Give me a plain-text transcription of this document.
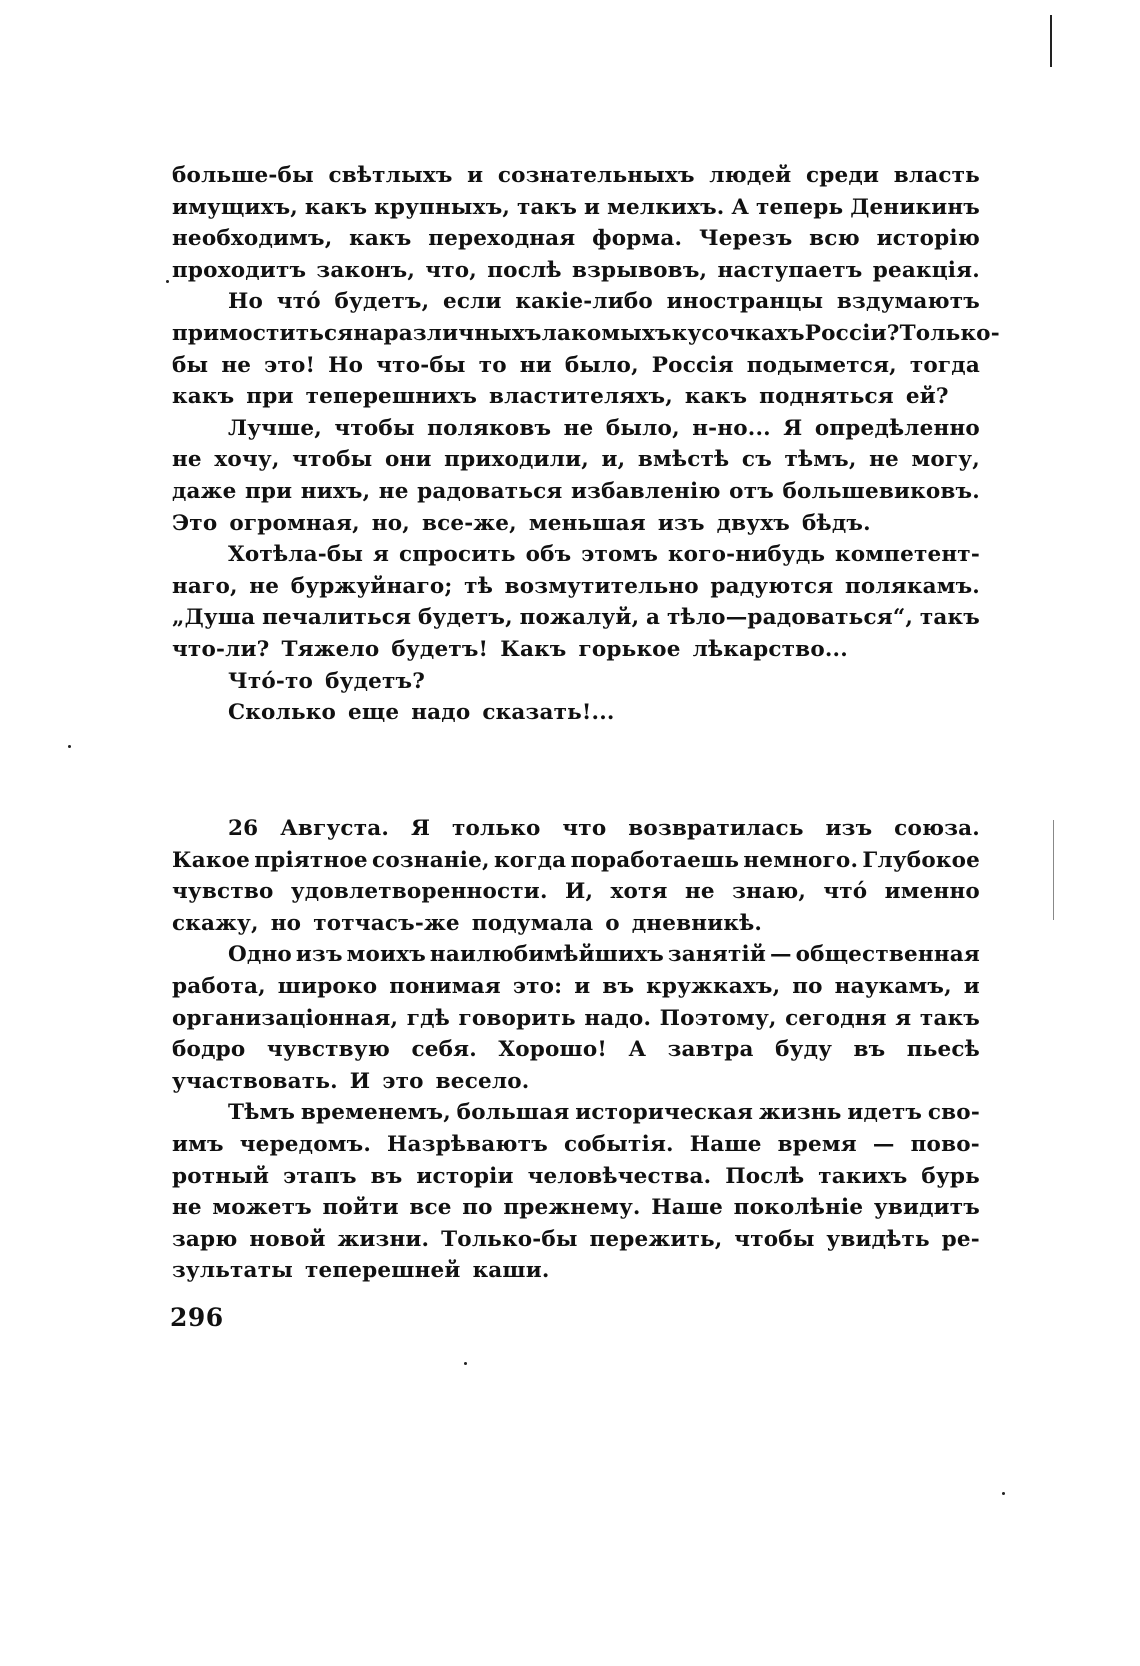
больше-бы свѣтлыхъ и сознательныхъ людей среди власть
имущихъ, какъ крупныхъ, такъ и мелкихъ. А теперь Деникинъ
необходимъ, какъ переходная форма. Черезъ всю исторію
проходитъ законъ, что, послѣ взрывовъ, наступаетъ реакція.
Но чтó будетъ, если какіе-либо иностранцы вздумаютъ
примоститься на различныхъ лакомыхъ кусочкахъ Россіи? Только-
бы не это! Но что-бы то ни было, Россія подымется, тогда
какъ при теперешнихъ властителяхъ, какъ подняться ей?
Лучше, чтобы поляковъ не было, н-но... Я опредѣленно
не хочу, чтобы они приходили, и, вмѣстѣ съ тѣмъ, не могу,
даже при нихъ, не радоваться избавленію отъ большевиковъ.
Это огромная, но, все-же, меньшая изъ двухъ бѣдъ.
Хотѣла-бы я спросить объ этомъ кого-нибудь компетент-
наго, не буржуйнаго; тѣ возмутительно радуются полякамъ.
„Душа печалиться будетъ, пожалуй, а тѣло—радоваться“, такъ
что-ли? Тяжело будетъ! Какъ горькое лѣкарство...
Чтó-то будетъ?
Сколько еще надо сказать!...
26 Августа. Я только что возвратилась изъ союза.
Какое пріятное сознаніе, когда поработаешь немного. Глубокое
чувство удовлетворенности. И, хотя не знаю, чтó именно
скажу, но тотчасъ-же подумала о дневникѣ.
Одно изъ моихъ наилюбимѣйшихъ занятій — общественная
работа, широко понимая это: и въ кружкахъ, по наукамъ, и
организаціонная, гдѣ говорить надо. Поэтому, сегодня я такъ
бодро чувствую себя. Хорошо! А завтра буду въ пьесѣ
участвовать. И это весело.
Тѣмъ временемъ, большая историческая жизнь идетъ сво-
имъ чередомъ. Назрѣваютъ событія. Наше время — пово-
ротный этапъ въ исторіи человѣчества. Послѣ такихъ бурь
не можетъ пойти все по прежнему. Наше поколѣніе увидитъ
зарю новой жизни. Только-бы пережить, чтобы увидѣть ре-
зультаты теперешней каши.
296
